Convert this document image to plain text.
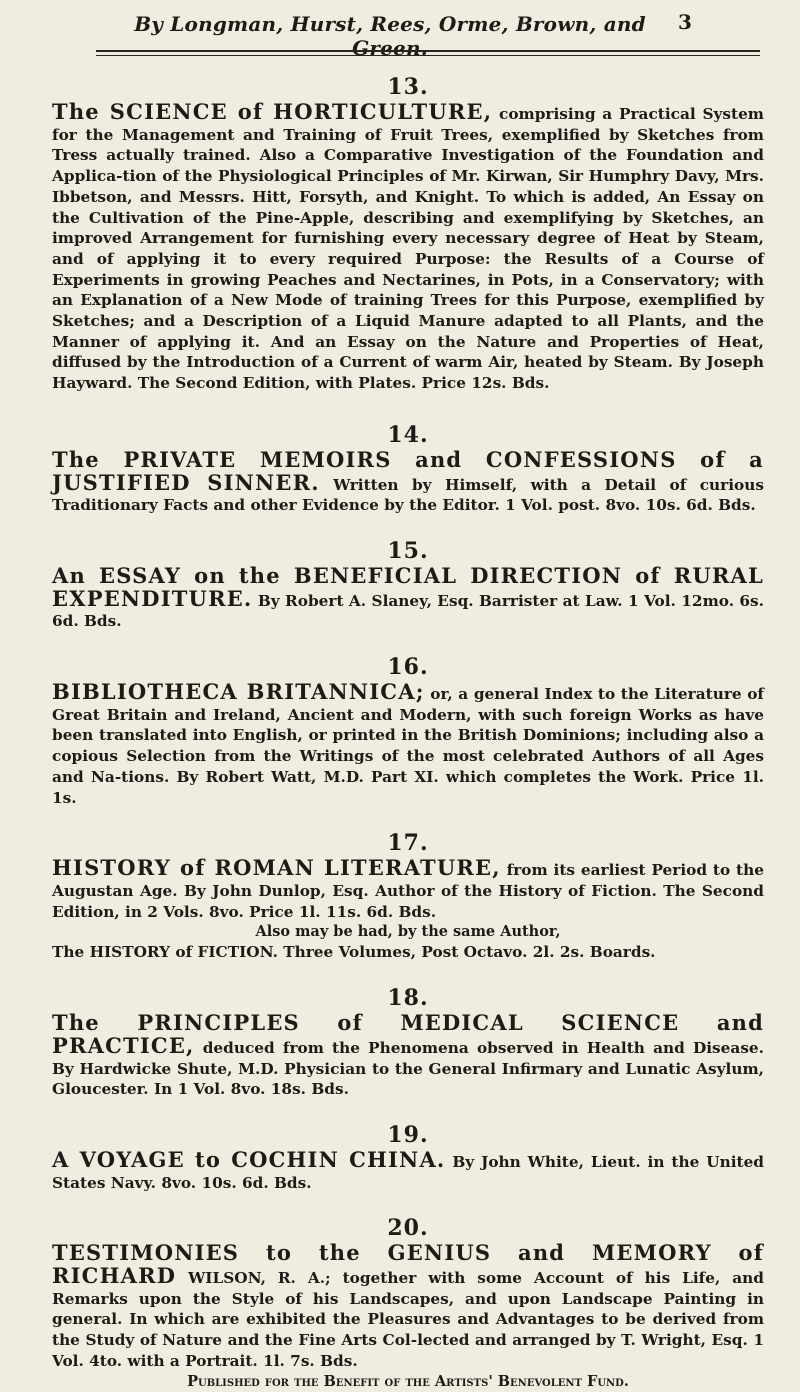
By Longman, Hurst, Rees, Orme, Brown, and Green.
3
13.
The SCIENCE of HORTICULTURE, comprising a Practical System for the Management and Training of Fruit Trees, exemplified by Sketches from Tress actually trained. Also a Comparative Investigation of the Foundation and Applica-tion of the Physiological Principles of Mr. Kirwan, Sir Humphry Davy, Mrs. Ibbetson, and Messrs. Hitt, Forsyth, and Knight. To which is added, An Essay on the Cultivation of the Pine-Apple, describing and exemplifying by Sketches, an improved Arrangement for furnishing every necessary degree of Heat by Steam, and of applying it to every required Purpose: the Results of a Course of Experiments in growing Peaches and Nectarines, in Pots, in a Conservatory; with an Explanation of a New Mode of training Trees for this Purpose, exemplified by Sketches; and a Description of a Liquid Manure adapted to all Plants, and the Manner of applying it. And an Essay on the Nature and Properties of Heat, diffused by the Introduction of a Current of warm Air, heated by Steam. By Joseph Hayward. The Second Edition, with Plates. Price 12s. Bds.
14.
The PRIVATE MEMOIRS and CONFESSIONS of a JUSTIFIED SINNER. Written by Himself, with a Detail of curious Traditionary Facts and other Evidence by the Editor. 1 Vol. post. 8vo. 10s. 6d. Bds.
15.
An ESSAY on the BENEFICIAL DIRECTION of RURAL EXPENDITURE. By Robert A. Slaney, Esq. Barrister at Law. 1 Vol. 12mo. 6s. 6d. Bds.
16.
BIBLIOTHECA BRITANNICA; or, a general Index to the Literature of Great Britain and Ireland, Ancient and Modern, with such foreign Works as have been translated into English, or printed in the British Dominions; including also a copious Selection from the Writings of the most celebrated Authors of all Ages and Na-tions. By Robert Watt, M.D. Part XI. which completes the Work. Price 1l. 1s.
17.
HISTORY of ROMAN LITERATURE, from its earliest Period to the Augustan Age. By John Dunlop, Esq. Author of the History of Fiction. The Second Edition, in 2 Vols. 8vo. Price 1l. 11s. 6d. Bds.
Also may be had, by the same Author,
The HISTORY of FICTION. Three Volumes, Post Octavo. 2l. 2s. Boards.
18.
The PRINCIPLES of MEDICAL SCIENCE and PRACTICE, deduced from the Phenomena observed in Health and Disease. By Hardwicke Shute, M.D. Physician to the General Infirmary and Lunatic Asylum, Gloucester. In 1 Vol. 8vo. 18s. Bds.
19.
A VOYAGE to COCHIN CHINA. By John White, Lieut. in the United States Navy. 8vo. 10s. 6d. Bds.
20.
TESTIMONIES to the GENIUS and MEMORY of RICHARD WILSON, R. A.; together with some Account of his Life, and Remarks upon the Style of his Landscapes, and upon Landscape Painting in general. In which are exhibited the Pleasures and Advantages to be derived from the Study of Nature and the Fine Arts Col-lected and arranged by T. Wright, Esq. 1 Vol. 4to. with a Portrait. 1l. 7s. Bds.
Published for the Benefit of the Artists' Benevolent Fund.
